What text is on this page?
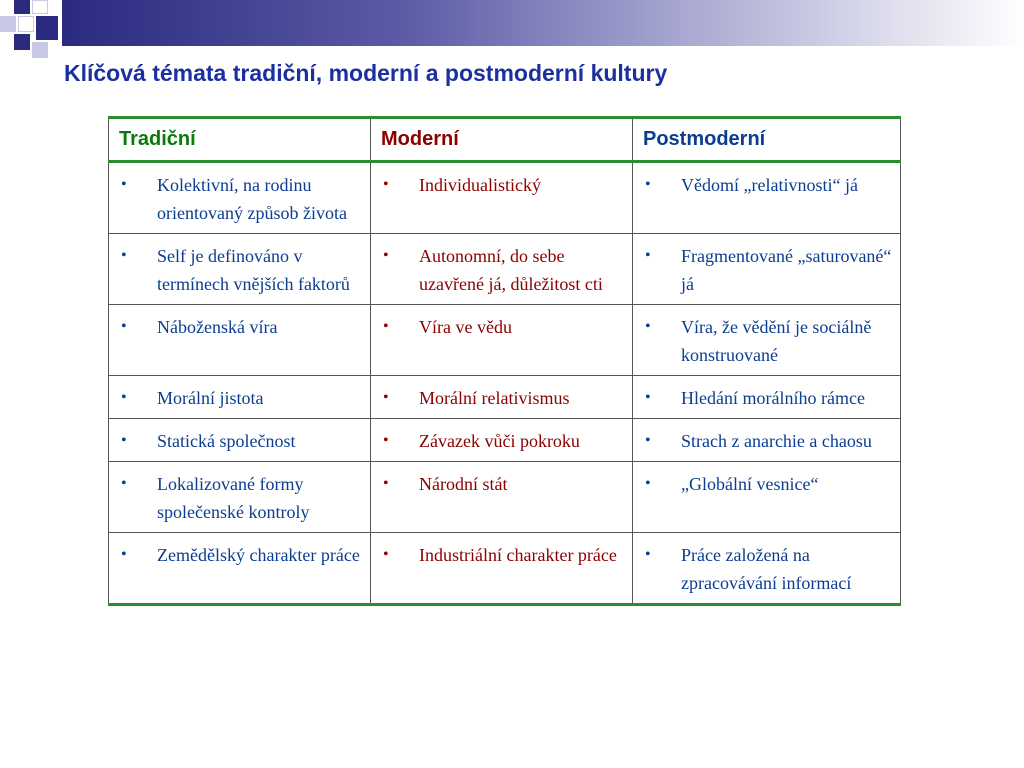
Klíčová témata tradiční, moderní a postmoderní kultury
Tradiční	Moderní	Postmoderní

• Kolektivní, na rodinu orientovaný způsob života	• Individualistický	• Vědomí „relativnosti“ já

• Self je definováno v termínech vnějších faktorů	• Autonomní, do sebe uzavřené já, důležitost cti	• Fragmentované „saturované“ já

• Náboženská víra	• Víra ve vědu	• Víra, že vědění je sociálně konstruované

• Morální jistota	• Morální relativismus	• Hledání morálního rámce

• Statická společnost	• Závazek vůči pokroku	• Strach z anarchie a chaosu

• Lokalizované formy společenské kontroly	• Národní stát	• „Globální vesnice“

• Zemědělský charakter práce	• Industriální charakter práce	• Práce založená na zpracovávání informací
